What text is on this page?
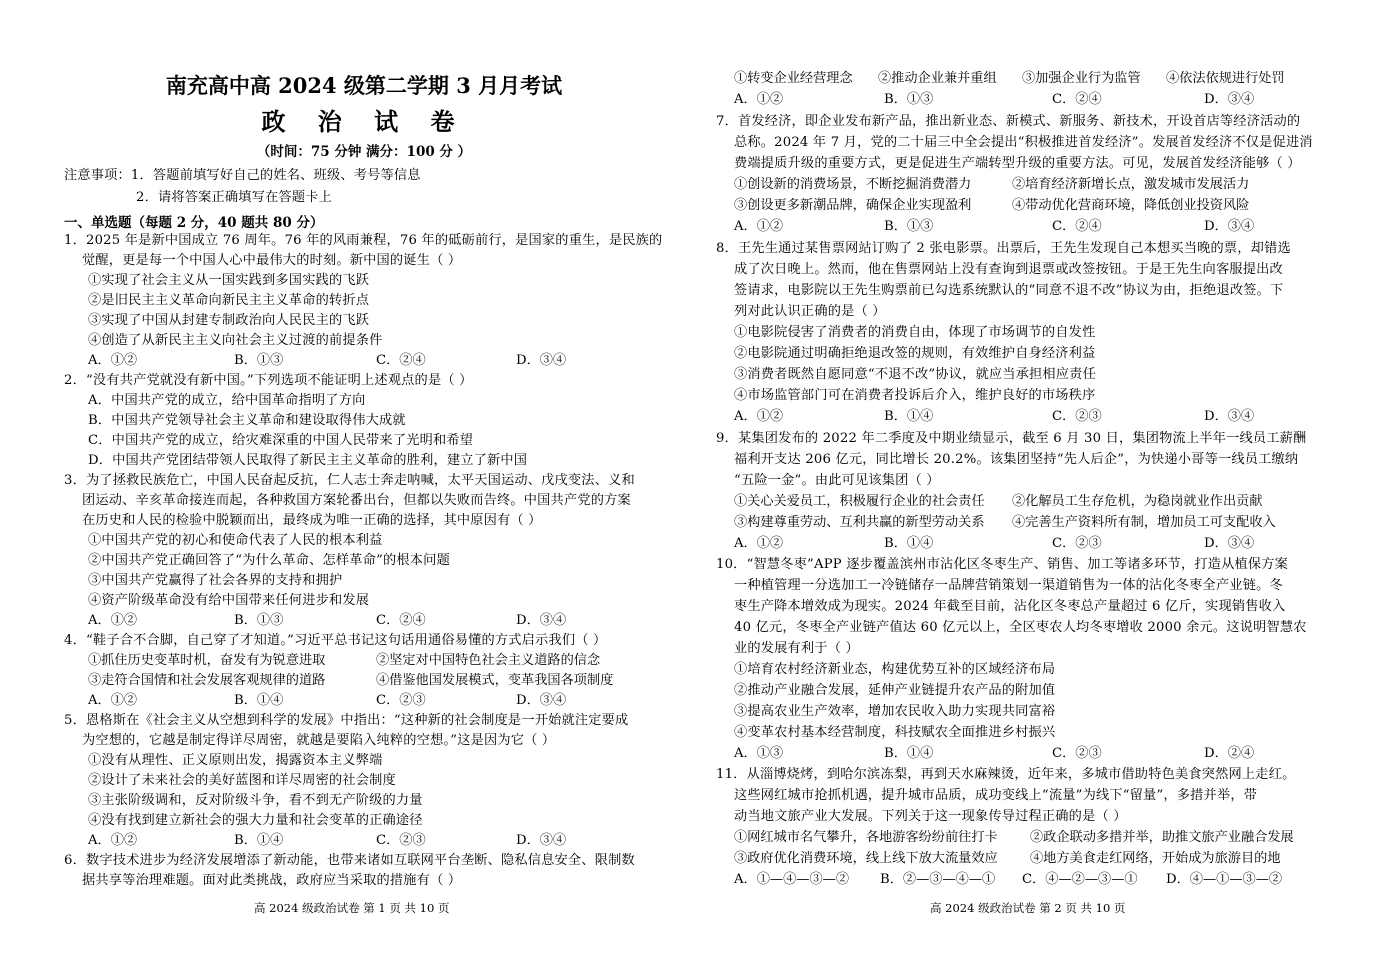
南充高中高 2024 级第二学期 3 月月考试
政 治 试 卷
（时间：75 分钟 满分：100 分 ）
注意事项：1．答题前填写好自己的姓名、班级、考号等信息
2．请将答案正确填写在答题卡上
一、单选题（每题 2 分，40 题共 80 分）
1．2025 年是新中国成立 76 周年。76 年的风雨兼程，76 年的砥砺前行，是国家的重生，是民族的
觉醒，更是每一个中国人心中最伟大的时刻。新中国的诞生（ ）
①实现了社会主义从一国实践到多国实践的飞跃
②是旧民主主义革命向新民主主义革命的转折点
③实现了中国从封建专制政治向人民民主的飞跃
④创造了从新民主主义向社会主义过渡的前提条件
A．①②	B．①③	C．②④	D．③④
2．“没有共产党就没有新中国。”下列选项不能证明上述观点的是（ ）
A．中国共产党的成立，给中国革命指明了方向
B．中国共产党领导社会主义革命和建设取得伟大成就
C．中国共产党的成立，给灾难深重的中国人民带来了光明和希望
D．中国共产党团结带领人民取得了新民主主义革命的胜利，建立了新中国
3．为了拯救民族危亡，中国人民奋起反抗，仁人志士奔走呐喊，太平天国运动、戊戌变法、义和
团运动、辛亥革命接连而起，各种救国方案轮番出台，但都以失败而告终。中国共产党的方案
在历史和人民的检验中脱颖而出，最终成为唯一正确的选择，其中原因有（ ）
①中国共产党的初心和使命代表了人民的根本利益
②中国共产党正确回答了“为什么革命、怎样革命”的根本问题
③中国共产党赢得了社会各界的支持和拥护
④资产阶级革命没有给中国带来任何进步和发展
A．①②	B．①③	C．②④	D．③④
4．“鞋子合不合脚，自己穿了才知道。”习近平总书记这句话用通俗易懂的方式启示我们（ ）
①抓住历史变革时机，奋发有为锐意进取	②坚定对中国特色社会主义道路的信念
③走符合国情和社会发展客观规律的道路	④借鉴他国发展模式，变革我国各项制度
A．①②	B．①④	C．②③	D．③④
5．恩格斯在《社会主义从空想到科学的发展》中指出：“这种新的社会制度是一开始就注定要成
为空想的，它越是制定得详尽周密，就越是要陷入纯粹的空想。”这是因为它（ ）
①没有从理性、正义原则出发，揭露资本主义弊端
②设计了未来社会的美好蓝图和详尽周密的社会制度
③主张阶级调和，反对阶级斗争，看不到无产阶级的力量
④没有找到建立新社会的强大力量和社会变革的正确途径
A．①②	B．①④	C．②③	D．③④
6．数字技术进步为经济发展增添了新动能，也带来诸如互联网平台垄断、隐私信息安全、限制数
据共享等治理难题。面对此类挑战，政府应当采取的措施有（ ）
高 2024 级政治试卷 第 1 页 共 10 页
①转变企业经营理念 ②推动企业兼并重组 ③加强企业行为监管 ④依法依规进行处罚
A．①②	B．①③	C．②④	D．③④
7．首发经济，即企业发布新产品，推出新业态、新模式、新服务、新技术，开设首店等经济活动的
总称。2024 年 7 月，党的二十届三中全会提出“积极推进首发经济”。发展首发经济不仅是促进消
费端提质升级的重要方式，更是促进生产端转型升级的重要方法。可见，发展首发经济能够（ ）
①创设新的消费场景，不断挖掘消费潜力	②培育经济新增长点，激发城市发展活力
③创设更多新潮品牌，确保企业实现盈利	④带动优化营商环境，降低创业投资风险
A．①②	B．①③	C．②④	D．③④
8．王先生通过某售票网站订购了 2 张电影票。出票后，王先生发现自己本想买当晚的票，却错选
成了次日晚上。然而，他在售票网站上没有查询到退票或改签按钮。于是王先生向客服提出改
签请求，电影院以王先生购票前已勾选系统默认的“同意不退不改”协议为由，拒绝退改签。下
列对此认识正确的是（ ）
①电影院侵害了消费者的消费自由，体现了市场调节的自发性
②电影院通过明确拒绝退改签的规则，有效维护自身经济利益
③消费者既然自愿同意“不退不改”协议，就应当承担相应责任
④市场监管部门可在消费者投诉后介入，维护良好的市场秩序
A．①②	B．①④	C．②③	D．③④
9．某集团发布的 2022 年二季度及中期业绩显示，截至 6 月 30 日，集团物流上半年一线员工薪酬
福利开支达 206 亿元，同比增长 20.2%。该集团坚持“先人后企”，为快递小哥等一线员工缴纳
“五险一金”。由此可见该集团（ ）
①关心关爱员工，积极履行企业的社会责任 ②化解员工生存危机，为稳岗就业作出贡献
③构建尊重劳动、互利共赢的新型劳动关系 ④完善生产资料所有制，增加员工可支配收入
A．①②	B．①④	C．②③	D．③④
10．“智慧冬枣”APP 逐步覆盖滨州市沾化区冬枣生产、销售、加工等诸多环节，打造从植保方案
一种植管理一分选加工一冷链储存一品牌营销策划一渠道销售为一体的沾化冬枣全产业链。冬
枣生产降本增效成为现实。2024 年截至目前，沾化区冬枣总产量超过 6 亿斤，实现销售收入
40 亿元，冬枣全产业链产值达 60 亿元以上，全区枣农人均冬枣增收 2000 余元。这说明智慧农
业的发展有利于（ ）
①培育农村经济新业态，构建优势互补的区域经济布局
②推动产业融合发展，延伸产业链提升农产品的附加值
③提高农业生产效率，增加农民收入助力实现共同富裕
④变革农村基本经营制度，科技赋农全面推进乡村振兴
A．①③	B．①④	C．②③	D．②④
11．从淄博烧烤，到哈尔滨冻梨，再到天水麻辣烫，近年来，多城市借助特色美食突然网上走红。
这些网红城市抢抓机遇，提升城市品质，成功变线上“流量”为线下“留量”，多措并举，带
动当地文旅产业大发展。下列关于这一现象传导过程正确的是（ ）
①网红城市名气攀升，各地游客纷纷前往打卡 ②政企联动多措并举，助推文旅产业融合发展
③政府优化消费环境，线上线下放大流量效应 ④地方美食走红网络，开始成为旅游目的地
A．①—④—③—② B．②—③—④—① C．④—②—③—① D．④—①—③—②
高 2024 级政治试卷 第 2 页 共 10 页
